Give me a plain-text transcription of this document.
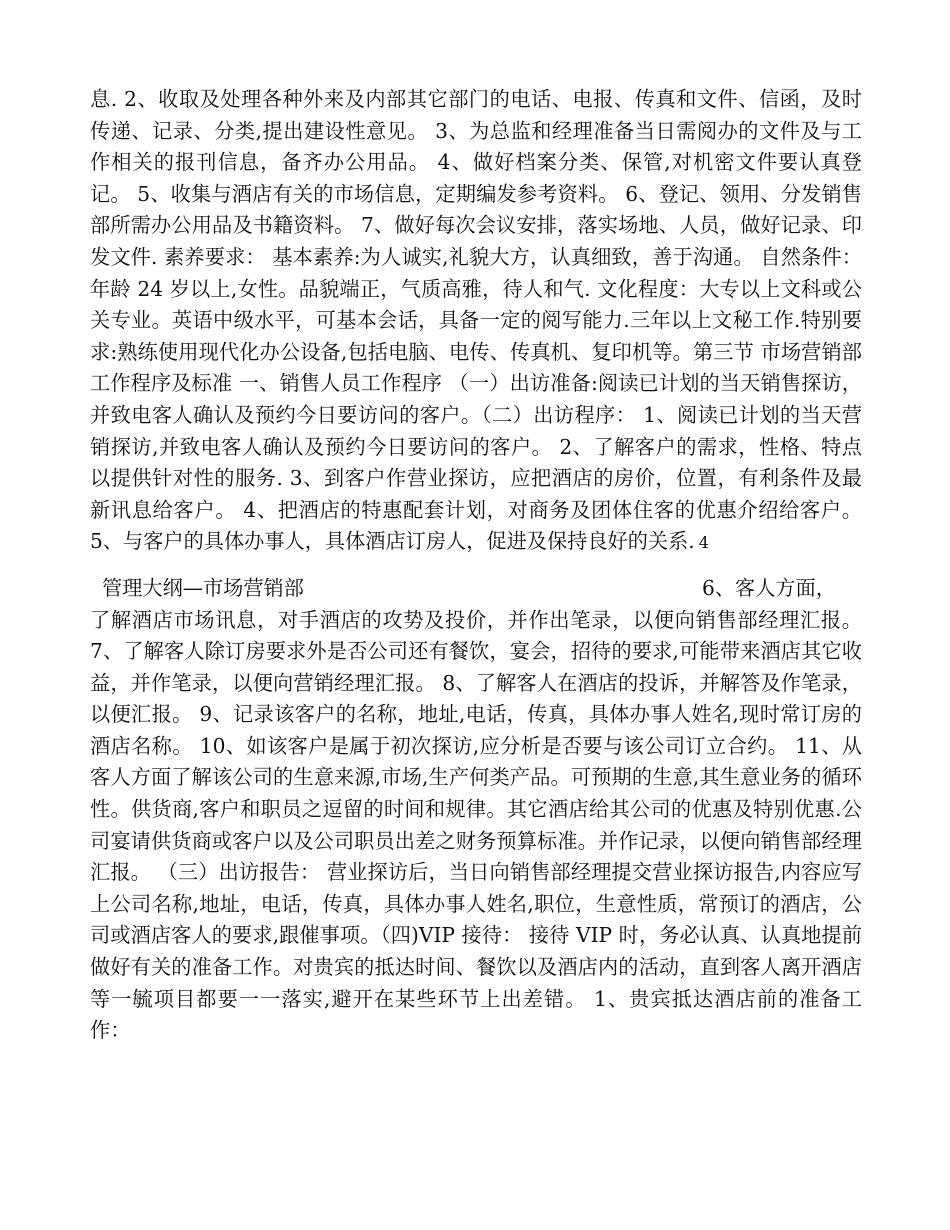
息. 2、收取及处理各种外来及内部其它部门的电话、电报、传真和文件、信函，及时传递、记录、分类,提出建设性意见。 3、为总监和经理准备当日需阅办的文件及与工作相关的报刊信息，备齐办公用品。 4、做好档案分类、保管,对机密文件要认真登记。 5、收集与酒店有关的市场信息，定期编发参考资料。 6、登记、领用、分发销售部所需办公用品及书籍资料。 7、做好每次会议安排，落实场地、人员，做好记录、印发文件. 素养要求： 基本素养:为人诚实,礼貌大方，认真细致，善于沟通。 自然条件：年龄 24 岁以上,女性。品貌端正，气质高雅，待人和气. 文化程度：大专以上文科或公关专业。英语中级水平，可基本会话，具备一定的阅写能力.三年以上文秘工作.特别要求:熟练使用现代化办公设备,包括电脑、电传、传真机、复印机等。第三节 市场营销部工作程序及标准 一、销售人员工作程序 （一）出访准备:阅读已计划的当天销售探访，并致电客人确认及预约今日要访问的客户。（二）出访程序： 1、阅读已计划的当天营销探访,并致电客人确认及预约今日要访问的客户。 2、了解客户的需求，性格、特点以提供针对性的服务. 3、到客户作营业探访，应把酒店的房价，位置，有利条件及最新讯息给客户。 4、把酒店的特惠配套计划，对商务及团体住客的优惠介绍给客户。 5、与客户的具体办事人，具体酒店订房人，促进及保持良好的关系. 4

管理大纲—市场营销部	6、客人方面，

了解酒店市场讯息，对手酒店的攻势及投价，并作出笔录，以便向销售部经理汇报。 7、了解客人除订房要求外是否公司还有餐饮，宴会，招待的要求,可能带来酒店其它收益，并作笔录，以便向营销经理汇报。 8、了解客人在酒店的投诉，并解答及作笔录，以便汇报。 9、记录该客户的名称，地址,电话，传真，具体办事人姓名,现时常订房的酒店名称。 10、如该客户是属于初次探访,应分析是否要与该公司订立合约。 11、从客人方面了解该公司的生意来源,市场,生产何类产品。可预期的生意,其生意业务的循环性。供货商,客户和职员之逗留的时间和规律。其它酒店给其公司的优惠及特别优惠.公司宴请供货商或客户以及公司职员出差之财务预算标准。并作记录，以便向销售部经理汇报。 （三）出访报告： 营业探访后，当日向销售部经理提交营业探访报告,内容应写上公司名称,地址，电话，传真，具体办事人姓名,职位，生意性质，常预订的酒店，公司或酒店客人的要求,跟催事项。（四)VIP 接待： 接待 VIP 时，务必认真、认真地提前做好有关的准备工作。对贵宾的抵达时间、餐饮以及酒店内的活动，直到客人离开酒店等一毓项目都要一一落实,避开在某些环节上出差错。 1、贵宾抵达酒店前的准备工作：
